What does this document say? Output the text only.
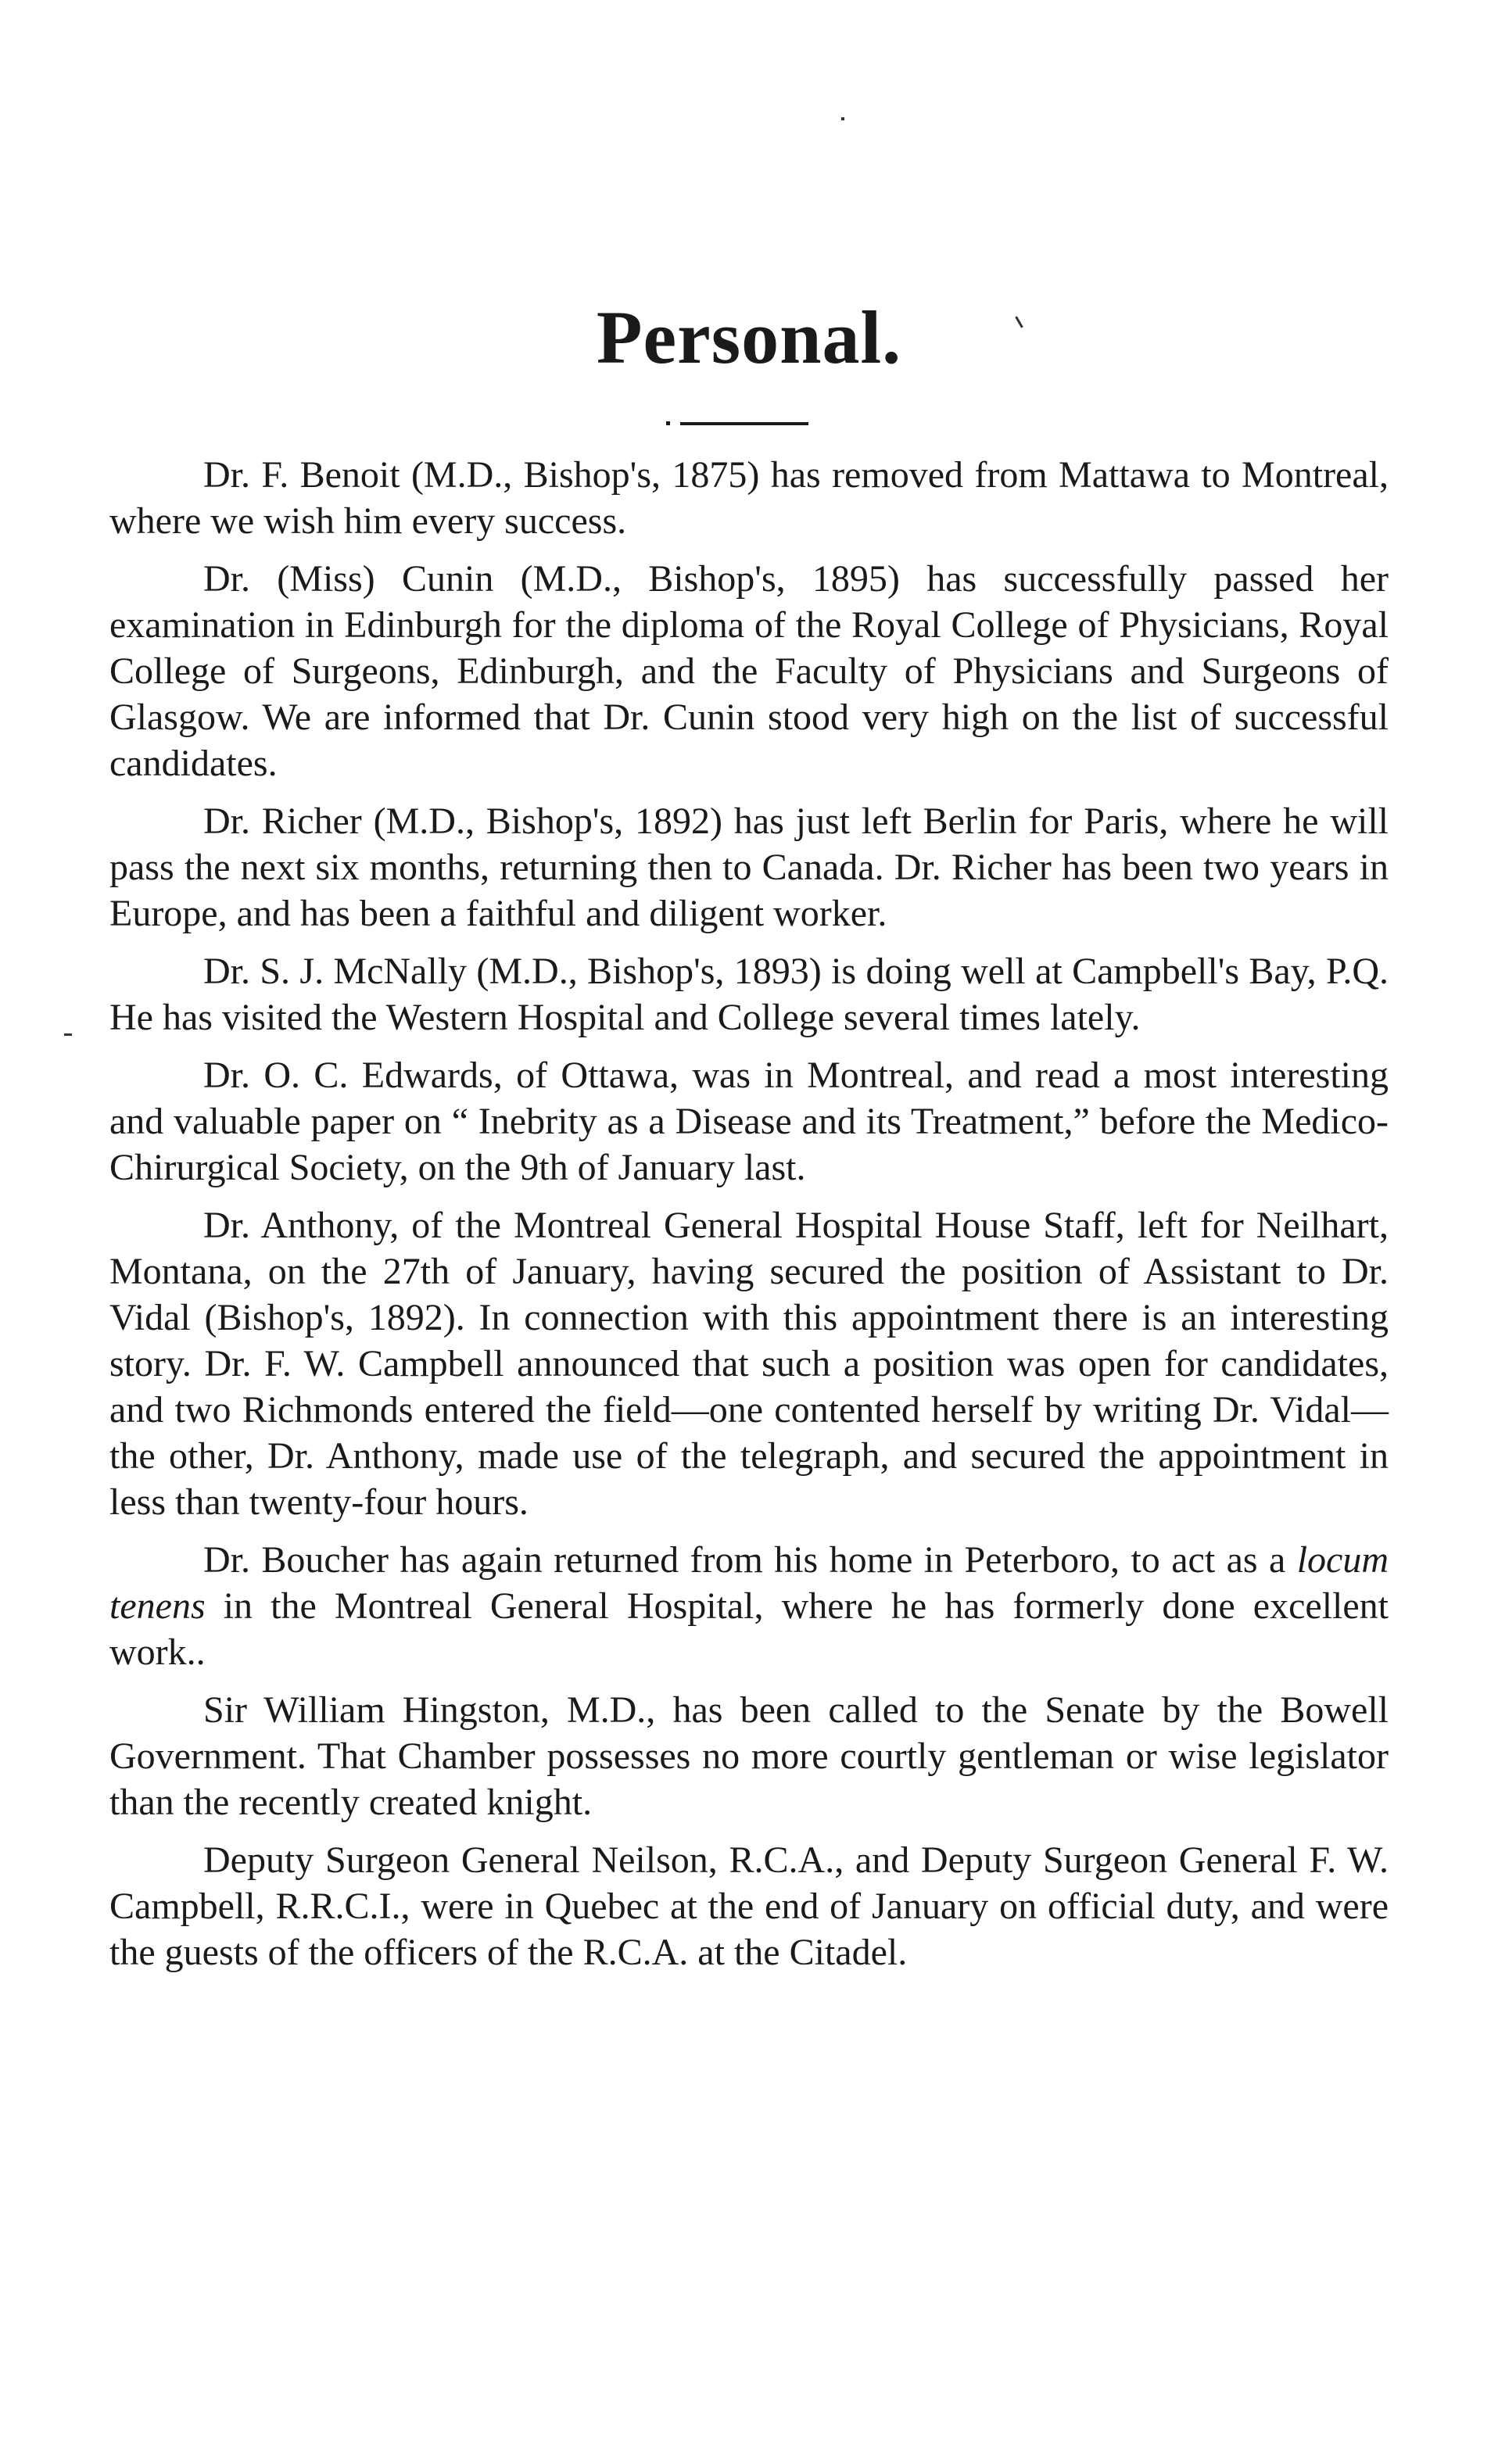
Personal.

Dr. F. Benoit (M.D., Bishop's, 1875) has removed from Mattawa to Montreal, where we wish him every success.

Dr. (Miss) Cunin (M.D., Bishop's, 1895) has successfully passed her examination in Edinburgh for the diploma of the Royal College of Physicians, Royal College of Surgeons, Edinburgh, and the Faculty of Physicians and Surgeons of Glasgow. We are informed that Dr. Cunin stood very high on the list of successful candidates.

Dr. Richer (M.D., Bishop's, 1892) has just left Berlin for Paris, where he will pass the next six months, returning then to Canada. Dr. Richer has been two years in Europe, and has been a faithful and diligent worker.

Dr. S. J. McNally (M.D., Bishop's, 1893) is doing well at Campbell's Bay, P.Q. He has visited the Western Hospital and College several times lately.

Dr. O. C. Edwards, of Ottawa, was in Montreal, and read a most interesting and valuable paper on “ Inebrity as a Disease and its Treatment,” before the Medico-Chirurgical Society, on the 9th of January last.

Dr. Anthony, of the Montreal General Hospital House Staff, left for Neilhart, Montana, on the 27th of January, having secured the position of Assistant to Dr. Vidal (Bishop's, 1892). In connection with this appointment there is an interesting story. Dr. F. W. Campbell announced that such a position was open for candidates, and two Richmonds entered the field—one contented herself by writing Dr. Vidal—the other, Dr. Anthony, made use of the telegraph, and secured the appointment in less than twenty-four hours.

Dr. Boucher has again returned from his home in Peterboro, to act as a locum tenens in the Montreal General Hospital, where he has formerly done excellent work..

Sir William Hingston, M.D., has been called to the Senate by the Bowell Government. That Chamber possesses no more courtly gentleman or wise legislator than the recently created knight.

Deputy Surgeon General Neilson, R.C.A., and Deputy Surgeon General F. W. Campbell, R.R.C.I., were in Quebec at the end of January on official duty, and were the guests of the officers of the R.C.A. at the Citadel.
